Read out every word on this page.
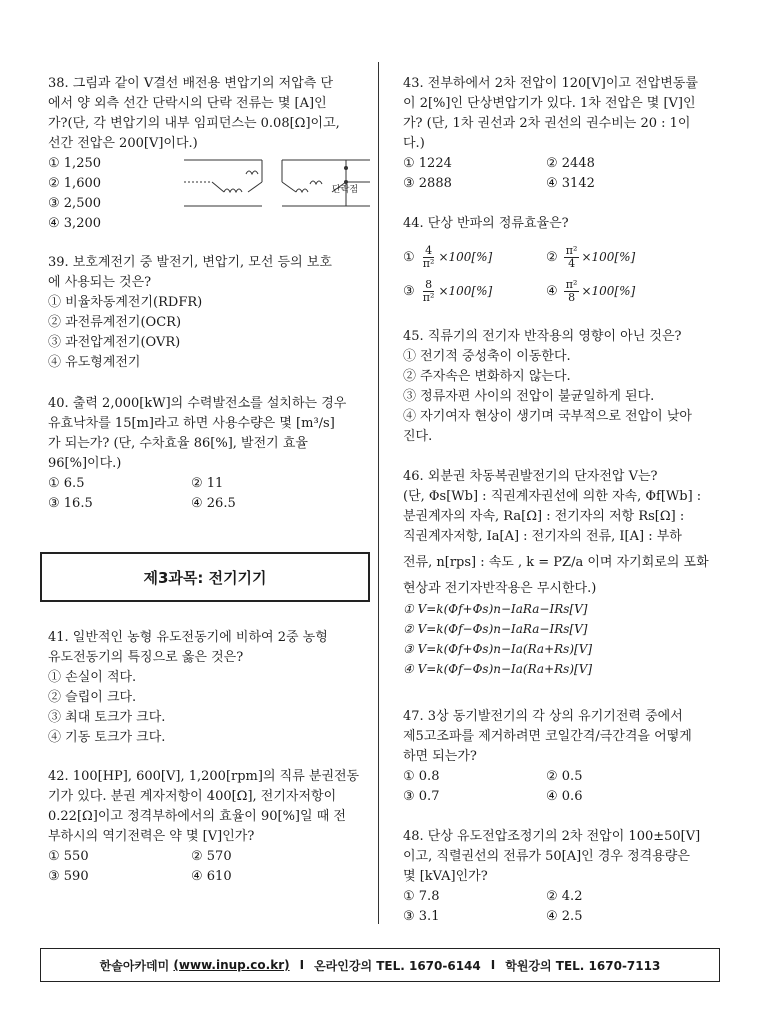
38. 그림과 같이 V결선 배전용 변압기의 저압측 단
에서 양 외측 선간 단락시의 단락 전류는 몇 [A]인
가?(단, 각 변압기의 내부 임피던스는 0.08[Ω]이고,
선간 전압은 200[V]이다.)
① 1,250
② 1,600
③ 2,500
④ 3,200
단락점
39. 보호계전기 중 발전기, 변압기, 모선 등의 보호
에 사용되는 것은?
① 비율차동계전기(RDFR)
② 과전류계전기(OCR)
③ 과전압계전기(OVR)
④ 유도형계전기
40. 출력 2,000[kW]의 수력발전소를 설치하는 경우
유효낙차를 15[m]라고 하면 사용수량은 몇 [m³/s]
가 되는가? (단, 수차효율 86[%], 발전기 효율
96[%]이다.)
① 6.5	② 11
③ 16.5	④ 26.5
41. 일반적인 농형 유도전동기에 비하여 2중 농형
유도전동기의 특징으로 옳은 것은?
① 손실이 적다.
② 슬립이 크다.
③ 최대 토크가 크다.
④ 기동 토크가 크다.
42. 100[HP], 600[V], 1,200[rpm]의 직류 분권전동
기가 있다. 분권 계자저항이 400[Ω], 전기자저항이
0.22[Ω]이고 정격부하에서의 효율이 90[%]일 때 전
부하시의 역기전력은 약 몇 [V]인가?
① 550	② 570
③ 590	④ 610
제3과목: 전기기기
43. 전부하에서 2차 전압이 120[V]이고 전압변동률
이 2[%]인 단상변압기가 있다. 1차 전압은 몇 [V]인
가? (단, 1차 권선과 2차 권선의 권수비는 20 : 1이
다.)
① 1224	② 2448
③ 2888	④ 3142
44. 단상 반파의 정류효율은?
① $\frac{4}{\text{π²}} \times 100[\%]$	② $\frac{\text{π²}}{4} \times 100[\%]$
③ $\frac{8}{\text{π²}} \times 100[\%]$	④ $\frac{\text{π²}}{8} \times 100[\%]$
45. 직류기의 전기자 반작용의 영향이 아닌 것은?
① 전기적 중성축이 이동한다.
② 주자속은 변화하지 않는다.
③ 정류자편 사이의 전압이 불균일하게 된다.
④ 자기여자 현상이 생기며 국부적으로 전압이 낮아
진다.
46. 외분권 차동복권발전기의 단자전압 V는?
(단, Φs[Wb] : 직권계자권선에 의한 자속, Φf[Wb] :
분권계자의 자속, Ra[Ω] : 전기자의 저항 Rs[Ω] :
직권계자저항, Ia[A] : 전기자의 전류, I[A] : 부하
전류, n[rps] : 속도 , k = PZ/a 이며 자기회로의 포화
현상과 전기자반작용은 무시한다.)
① V=k(Φf+Φs)n−IaRa−IRs[V]
② V=k(Φf−Φs)n−IaRa−IRs[V]
③ V=k(Φf+Φs)n−Ia(Ra+Rs)[V]
④ V=k(Φf−Φs)n−Ia(Ra+Rs)[V]
47. 3상 동기발전기의 각 상의 유기기전력 중에서
제5고조파를 제거하려면 코일간격/극간격을 어떻게
하면 되는가?
① 0.8	② 0.5
③ 0.7	④ 0.6
48. 단상 유도전압조정기의 2차 전압이 100±50[V]
이고, 직렬권선의 전류가 50[A]인 경우 정격용량은
몇 [kVA]인가?
① 7.8	② 4.2
③ 3.1	④ 2.5
한솔아카데미
(www.inup.co.kr) I 온라인강의 TEL. 1670-6144 I 학원강의 TEL. 1670-7113
